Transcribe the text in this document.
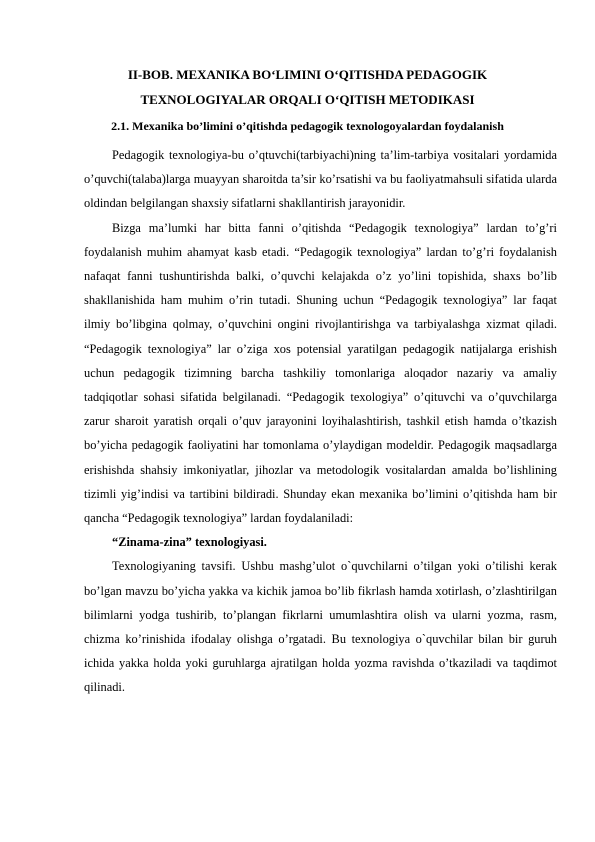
II-BOB. MEXANIKA BO‘LIMINI O‘QITISHDA PEDAGOGIK
TEXNOLOGIYALAR ORQALI O‘QITISH METODIKASI

2.1. Mexanika bo’limini o’qitishda pedagogik texnologoyalardan foydalanish

Pedagogik texnologiya-bu o’qtuvchi(tarbiyachi)ning ta’lim-tarbiya vositalari yordamida o’quvchi(talaba)larga muayyan sharoitda ta’sir ko’rsatishi va bu faoliyatmahsuli sifatida ularda oldindan belgilangan shaxsiy sifatlarni shakllantirish jarayonidir.

Bizga ma’lumki har bitta fanni o’qitishda “Pedagogik texnologiya” lardan to’g’ri foydalanish muhim ahamyat kasb etadi. “Pedagogik texnologiya” lardan to’g’ri foydalanish nafaqat fanni tushuntirishda balki, o’quvchi kelajakda o’z yo’lini topishida, shaxs bo’lib shakllanishida ham muhim o’rin tutadi. Shuning uchun “Pedagogik texnologiya” lar faqat ilmiy bo’libgina qolmay, o’quvchini ongini rivojlantirishga va tarbiyalashga xizmat qiladi. “Pedagogik texnologiya” lar o’ziga xos potensial yaratilgan pedagogik natijalarga erishish uchun pedagogik tizimning barcha tashkiliy tomonlariga aloqador nazariy va amaliy tadqiqotlar sohasi sifatida belgilanadi. “Pedagogik texologiya” o’qituvchi va o’quvchilarga zarur sharoit yaratish orqali o’quv jarayonini loyihalashtirish, tashkil etish hamda o’tkazish bo’yicha pedagogik faoliyatini har tomonlama o’ylaydigan modeldir. Pedagogik maqsadlarga erishishda shahsiy imkoniyatlar, jihozlar va metodologik vositalardan amalda bo’lishlining tizimli yig’indisi va tartibini bildiradi. Shunday ekan mexanika bo’limini o’qitishda ham bir qancha “Pedagogik texnologiya” lardan foydalaniladi:

“Zinama-zina” texnologiyasi.

Texnologiyaning tavsifi. Ushbu mashg’ulot o`quvchilarni o’tilgan yoki o’tilishi kerak bo’lgan mavzu bo’yicha yakka va kichik jamoa bo’lib fikrlash hamda xotirlash, o’zlashtirilgan bilimlarni yodga tushirib, to’plangan fikrlarni umumlashtira olish va ularni yozma, rasm, chizma ko’rinishida ifodalay olishga o’rgatadi. Bu texnologiya o`quvchilar bilan bir guruh ichida yakka holda yoki guruhlarga ajratilgan holda yozma ravishda o’tkaziladi va taqdimot qilinadi.
